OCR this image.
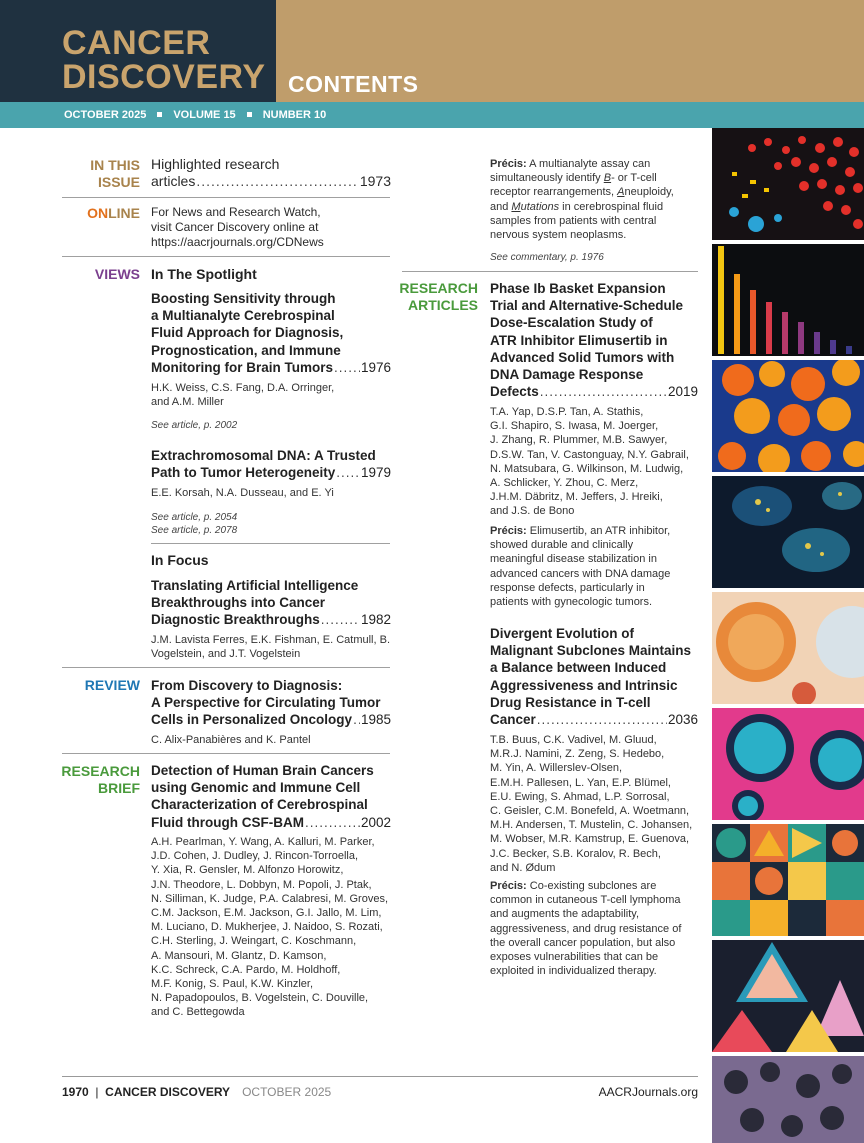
CANCER
DISCOVERY CONTENTS
OCTOBER 2025 VOLUME 15 NUMBER 10
IN THIS
ISSUE
Highlighted research
articles .....	1973
ONLINE For News and Research Watch,
visit Cancer Discovery online at
https://aacrjournals.org/CDNews
VIEWS In The Spotlight
Boosting Sensitivity through
a Multianalyte Cerebrospinal
Fluid Approach for Diagnosis,
Prognostication, and Immune
Monitoring for Brain Tumors ..... 1976
H.K. Weiss, C.S. Fang, D.A. Orringer,
and A.M. Miller
See article, p. 2002
Extrachromosomal DNA: A Trusted
Path to Tumor Heterogeneity ..... 1979
E.E. Korsah, N.A. Dusseau, and E. Yi
See article, p. 2054
See article, p. 2078
In Focus
Translating Artificial Intelligence
Breakthroughs into Cancer
Diagnostic Breakthroughs .....	1982
J.M. Lavista Ferres, E.K. Fishman, E. Catmull, B.
Vogelstein, and J.T. Vogelstein
REVIEW From Discovery to Diagnosis:
A Perspective for Circulating Tumor
Cells in Personalized Oncology ..... 1985
C. Alix-Panabières and K. Pantel
RESEARCH
BRIEF
Detection of Human Brain Cancers
using Genomic and Immune Cell
Characterization of Cerebrospinal
Fluid through CSF-BAM .....	2002
A.H. Pearlman, Y. Wang, A. Kalluri, M. Parker,
J.D. Cohen, J. Dudley, J. Rincon-Torroella,
Y. Xia, R. Gensler, M. Alfonzo Horowitz,
J.N. Theodore, L. Dobbyn, M. Popoli, J. Ptak,
N. Silliman, K. Judge, P.A. Calabresi, M. Groves,
C.M. Jackson, E.M. Jackson, G.I. Jallo, M. Lim,
M. Luciano, D. Mukherjee, J. Naidoo, S. Rozati,
C.H. Sterling, J. Weingart, C. Koschmann,
A. Mansouri, M. Glantz, D. Kamson,
K.C. Schreck, C.A. Pardo, M. Holdhoff,
M.F. Konig, S. Paul, K.W. Kinzler,
N. Papadopoulos, B. Vogelstein, C. Douville,
and C. Bettegowda
Précis: A multianalyte assay can
simultaneously identify B- or T-cell
receptor rearrangements, Aneuploidy,
and Mutations in cerebrospinal fluid
samples from patients with central
nervous system neoplasms.
See commentary, p. 1976
RESEARCH
ARTICLES
Phase Ib Basket Expansion
Trial and Alternative-Schedule
Dose-Escalation Study of
ATR Inhibitor Elimusertib in
Advanced Solid Tumors with
DNA Damage Response
Defects .....	2019
T.A. Yap, D.S.P. Tan, A. Stathis,
G.I. Shapiro, S. Iwasa, M. Joerger,
J. Zhang, R. Plummer, M.B. Sawyer,
D.S.W. Tan, V. Castonguay, N.Y. Gabrail,
N. Matsubara, G. Wilkinson, M. Ludwig,
A. Schlicker, Y. Zhou, C. Merz,
J.H.M. Däbritz, M. Jeffers, J. Hreiki,
and J.S. de Bono
Précis: Elimusertib, an ATR inhibitor,
showed durable and clinically
meaningful disease stabilization in
advanced cancers with DNA damage
response defects, particularly in
patients with gynecologic tumors.
Divergent Evolution of
Malignant Subclones Maintains
a Balance between Induced
Aggressiveness and Intrinsic
Drug Resistance in T-cell
Cancer .....	2036
T.B. Buus, C.K. Vadivel, M. Gluud,
M.R.J. Namini, Z. Zeng, S. Hedebo,
M. Yin, A. Willerslev-Olsen,
E.M.H. Pallesen, L. Yan, E.P. Blümel,
E.U. Ewing, S. Ahmad, L.P. Sorrosal,
C. Geisler, C.M. Bonefeld, A. Woetmann,
M.H. Andersen, T. Mustelin, C. Johansen,
M. Wobser, M.R. Kamstrup, E. Guenova,
J.C. Becker, S.B. Koralov, R. Bech,
and N. Ødum
Précis: Co-existing subclones are
common in cutaneous T-cell lymphoma
and augments the adaptability,
aggressiveness, and drug resistance of
the overall cancer population, but also
exposes vulnerabilities that can be
exploited in individualized therapy.
1970  |  CANCER DISCOVERY OCTOBER 2025	AACRJournals.org
